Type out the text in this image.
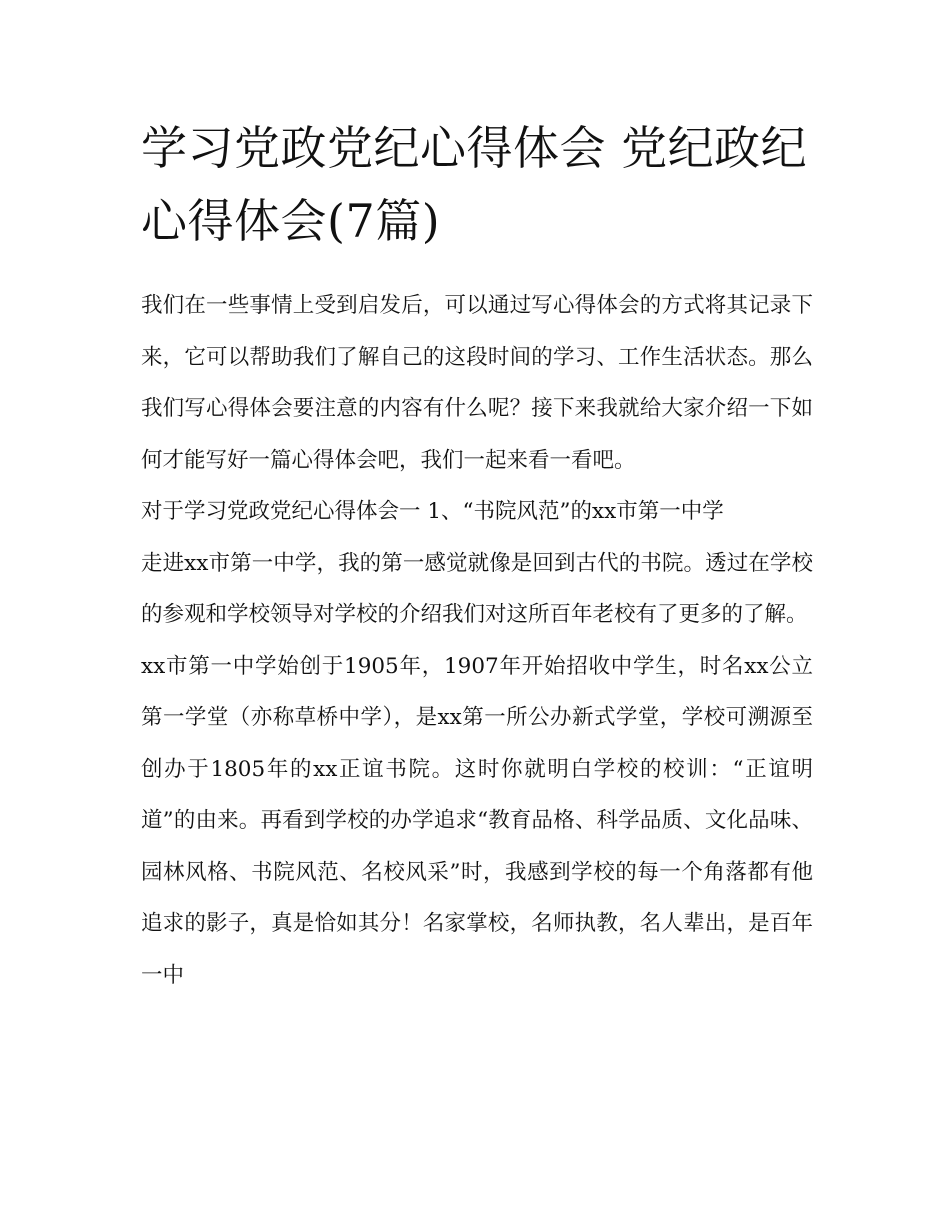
学习党政党纪心得体会 党纪政纪心得体会(7篇)

我们在一些事情上受到启发后，可以通过写心得体会的方式将其记录下来，它可以帮助我们了解自己的这段时间的学习、工作生活状态。那么我们写心得体会要注意的内容有什么呢？接下来我就给大家介绍一下如何才能写好一篇心得体会吧，我们一起来看一看吧。

对于学习党政党纪心得体会一 1、“书院风范”的xx市第一中学

走进xx市第一中学，我的第一感觉就像是回到古代的书院。透过在学校的参观和学校领导对学校的介绍我们对这所百年老校有了更多的了解。

xx市第一中学始创于1905年，1907年开始招收中学生，时名xx公立第一学堂（亦称草桥中学），是xx第一所公办新式学堂，学校可溯源至创办于1805年的xx正谊书院。这时你就明白学校的校训：“正谊明道”的由来。再看到学校的办学追求“教育品格、科学品质、文化品味、园林风格、书院风范、名校风采”时，我感到学校的每一个角落都有他追求的影子，真是恰如其分！名家掌校，名师执教，名人辈出，是百年一中
